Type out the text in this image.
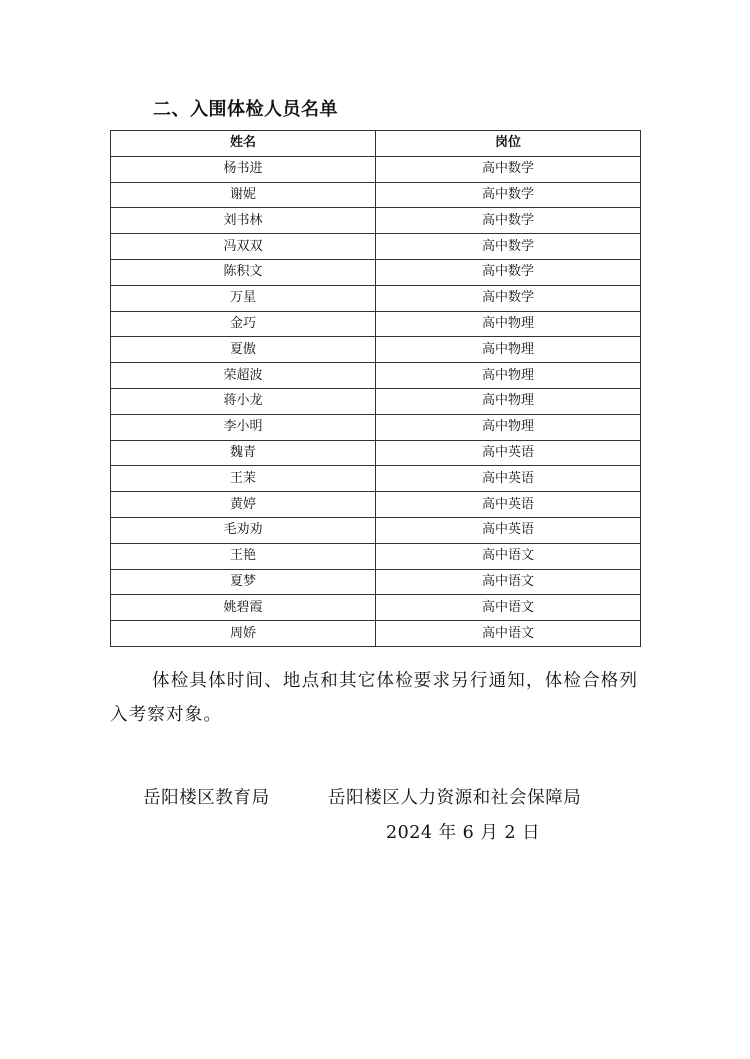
二、入围体检人员名单
姓名	岗位
杨书进	高中数学
谢妮	高中数学
刘书林	高中数学
冯双双	高中数学
陈积文	高中数学
万星	高中数学
金巧	高中物理
夏傲	高中物理
荣超波	高中物理
蒋小龙	高中物理
李小明	高中物理
魏青	高中英语
王茉	高中英语
黄婷	高中英语
毛劝劝	高中英语
王艳	高中语文
夏梦	高中语文
姚碧霞	高中语文
周娇	高中语文

体检具体时间、地点和其它体检要求另行通知，体检合格列入考察对象。

岳阳楼区教育局	岳阳楼区人力资源和社会保障局
2024 年 6 月 2 日
